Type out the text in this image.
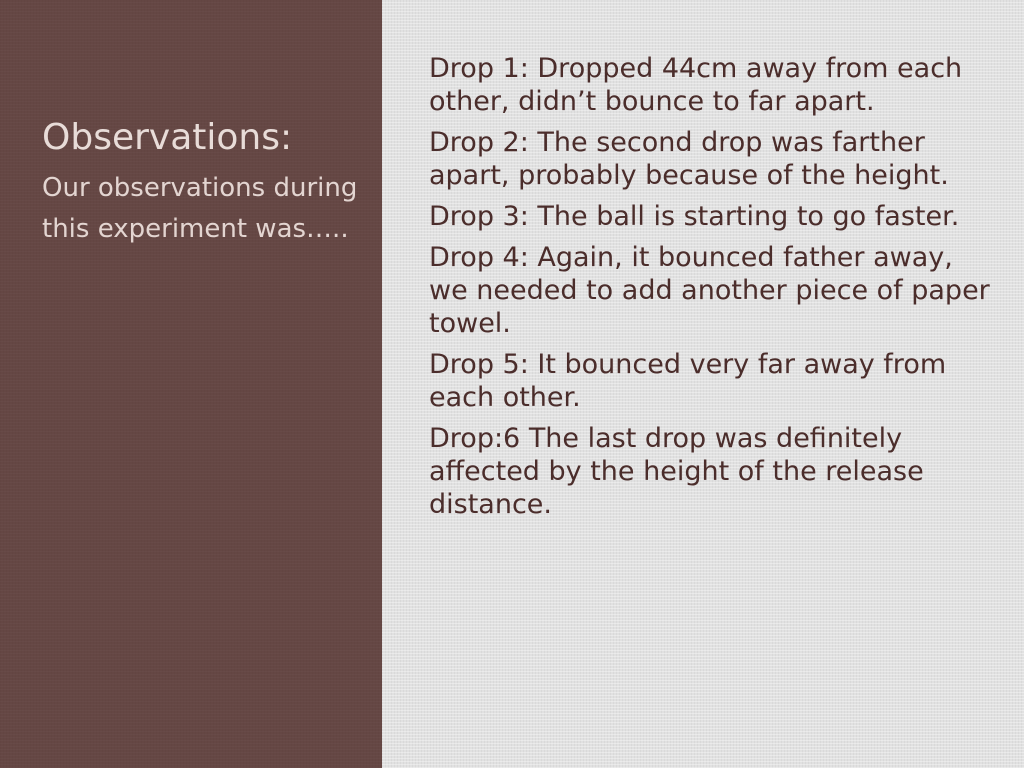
Observations:

Our observations during this experiment was…..

Drop 1: Dropped 44cm away from each other, didn’t bounce to far apart.
Drop 2: The second drop was farther apart, probably because of the height.
Drop 3: The ball is starting to go faster.
Drop 4: Again, it bounced father away, we needed to add another piece of paper towel.
Drop 5: It bounced very far away from each other.
Drop:6 The last drop was definitely affected by the height of the release distance.
